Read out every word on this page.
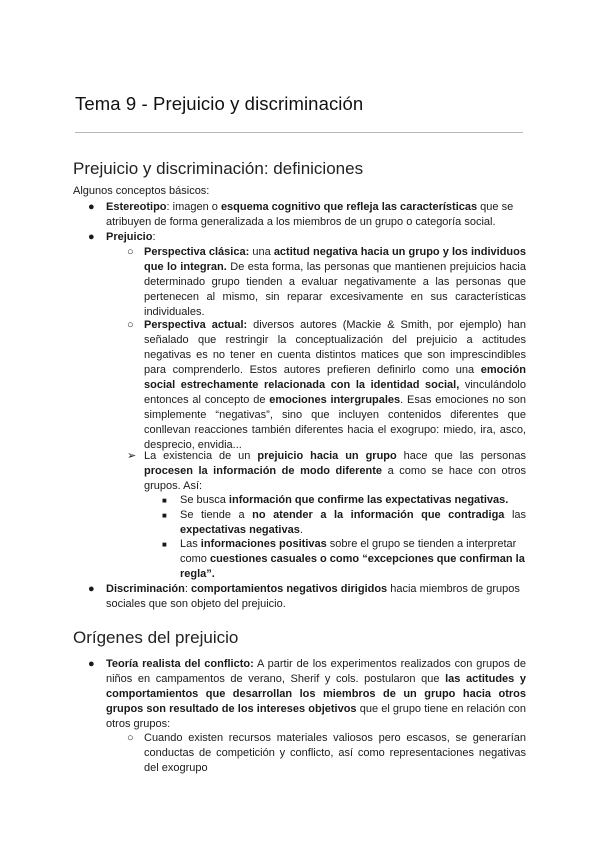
Tema 9 - Prejuicio y discriminación
Prejuicio y discriminación: definiciones
Algunos conceptos básicos:
● Estereotipo: imagen o esquema cognitivo que refleja las características que se atribuyen de forma generalizada a los miembros de un grupo o categoría social.
● Prejuicio:
○ Perspectiva clásica: una actitud negativa hacia un grupo y los individuos que lo integran. De esta forma, las personas que mantienen prejuicios hacia determinado grupo tienden a evaluar negativamente a las personas que pertenecen al mismo, sin reparar excesivamente en sus características individuales.
○ Perspectiva actual: diversos autores (Mackie & Smith, por ejemplo) han señalado que restringir la conceptualización del prejuicio a actitudes negativas es no tener en cuenta distintos matices que son imprescindibles para comprenderlo. Estos autores prefieren definirlo como una emoción social estrechamente relacionada con la identidad social, vinculándolo entonces al concepto de emociones intergrupales. Esas emociones no son simplemente “negativas”, sino que incluyen contenidos diferentes que conllevan reacciones también diferentes hacia el exogrupo: miedo, ira, asco, desprecio, envidia...
➢ La existencia de un prejuicio hacia un grupo hace que las personas procesen la información de modo diferente a como se hace con otros grupos. Así:
■ Se busca información que confirme las expectativas negativas.
■ Se tiende a no atender a la información que contradiga las expectativas negativas.
■ Las informaciones positivas sobre el grupo se tienden a interpretar como cuestiones casuales o como “excepciones que confirman la regla”.
● Discriminación: comportamientos negativos dirigidos hacia miembros de grupos sociales que son objeto del prejuicio.
Orígenes del prejuicio
● Teoría realista del conflicto: A partir de los experimentos realizados con grupos de niños en campamentos de verano, Sherif y cols. postularon que las actitudes y comportamientos que desarrollan los miembros de un grupo hacia otros grupos son resultado de los intereses objetivos que el grupo tiene en relación con otros grupos:
○ Cuando existen recursos materiales valiosos pero escasos, se generarían conductas de competición y conflicto, así como representaciones negativas del exogrupo
